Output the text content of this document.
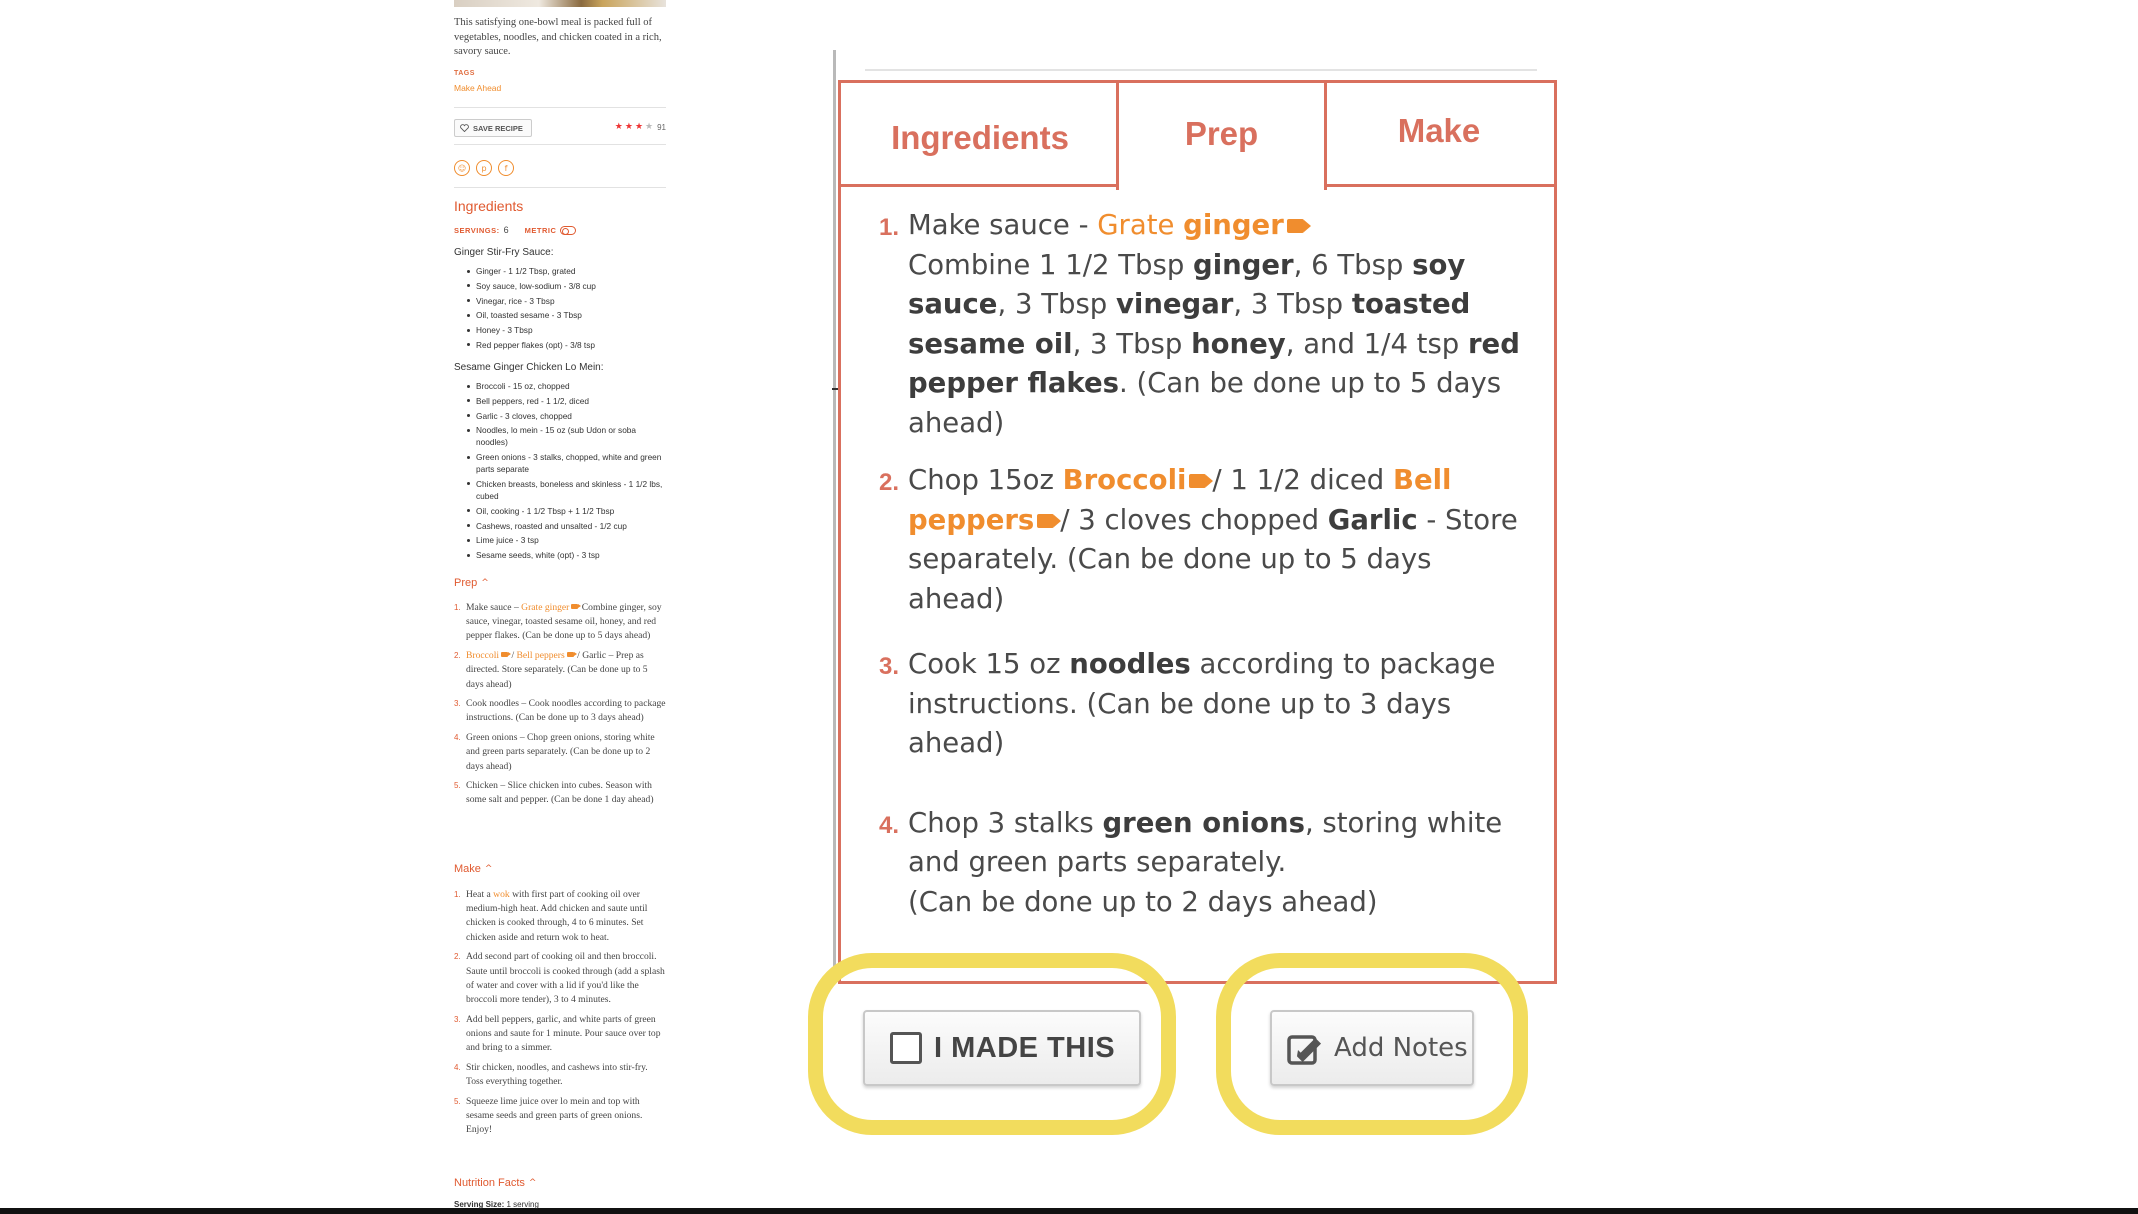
This satisfying one-bowl meal is packed full of vegetables, noodles, and chicken coated in a rich, savory sauce.

TAGS
Make Ahead
SAVE RECIPE	★ ★ ★ ★ 91
☺	p	f
Ingredients
SERVINGS: 6 METRIC
Ginger Stir-Fry Sauce:
Ginger - 1 1/2 Tbsp, grated
Soy sauce, low-sodium - 3/8 cup
Vinegar, rice - 3 Tbsp
Oil, toasted sesame - 3 Tbsp
Honey - 3 Tbsp
Red pepper flakes (opt) - 3/8 tsp
Sesame Ginger Chicken Lo Mein:
Broccoli - 15 oz, chopped
Bell peppers, red - 1 1/2, diced
Garlic - 3 cloves, chopped
Noodles, lo mein - 15 oz (sub Udon or soba noodles)
Green onions - 3 stalks, chopped, white and green parts separate
Chicken breasts, boneless and skinless - 1 1/2 lbs, cubed
Oil, cooking - 1 1/2 Tbsp + 1 1/2 Tbsp
Cashews, roasted and unsalted - 1/2 cup
Lime juice - 3 tsp
Sesame seeds, white (opt) - 3 tsp
Prep ^
1. Make sauce – Grate ginger Combine ginger, soy sauce, vinegar, toasted sesame oil, honey, and red pepper flakes. (Can be done up to 5 days ahead)
2. Broccoli / Bell peppers / Garlic – Prep as directed. Store separately. (Can be done up to 5 days ahead)
3. Cook noodles – Cook noodles according to package instructions. (Can be done up to 3 days ahead)
4. Green onions – Chop green onions, storing white and green parts separately. (Can be done up to 2 days ahead)
5. Chicken – Slice chicken into cubes. Season with some salt and pepper. (Can be done 1 day ahead)
Make ^
1. Heat a wok with first part of cooking oil over medium-high heat. Add chicken and saute until chicken is cooked through, 4 to 6 minutes. Set chicken aside and return wok to heat.
2. Add second part of cooking oil and then broccoli. Saute until broccoli is cooked through (add a splash of water and cover with a lid if you'd like the broccoli more tender), 3 to 4 minutes.
3. Add bell peppers, garlic, and white parts of green onions and saute for 1 minute. Pour sauce over top and bring to a simmer.
4. Stir chicken, noodles, and cashews into stir-fry. Toss everything together.
5. Squeeze lime juice over lo mein and top with sesame seeds and green parts of green onions. Enjoy!
Nutrition Facts ^
Serving Size: 1 serving
Ingredients	Prep	Make
1. Make sauce - Grate ginger
Combine 1 1/2 Tbsp ginger, 6 Tbsp soy sauce, 3 Tbsp vinegar, 3 Tbsp toasted sesame oil, 3 Tbsp honey, and 1/4 tsp red pepper flakes. (Can be done up to 5 days ahead)
2. Chop 15oz Broccoli / 1 1/2 diced Bell peppers / 3 cloves chopped Garlic - Store separately. (Can be done up to 5 days ahead)
3. Cook 15 oz noodles according to package instructions. (Can be done up to 3 days ahead)
4. Chop 3 stalks green onions, storing white and green parts separately.
(Can be done up to 2 days ahead)

I MADE THIS	Add Notes
